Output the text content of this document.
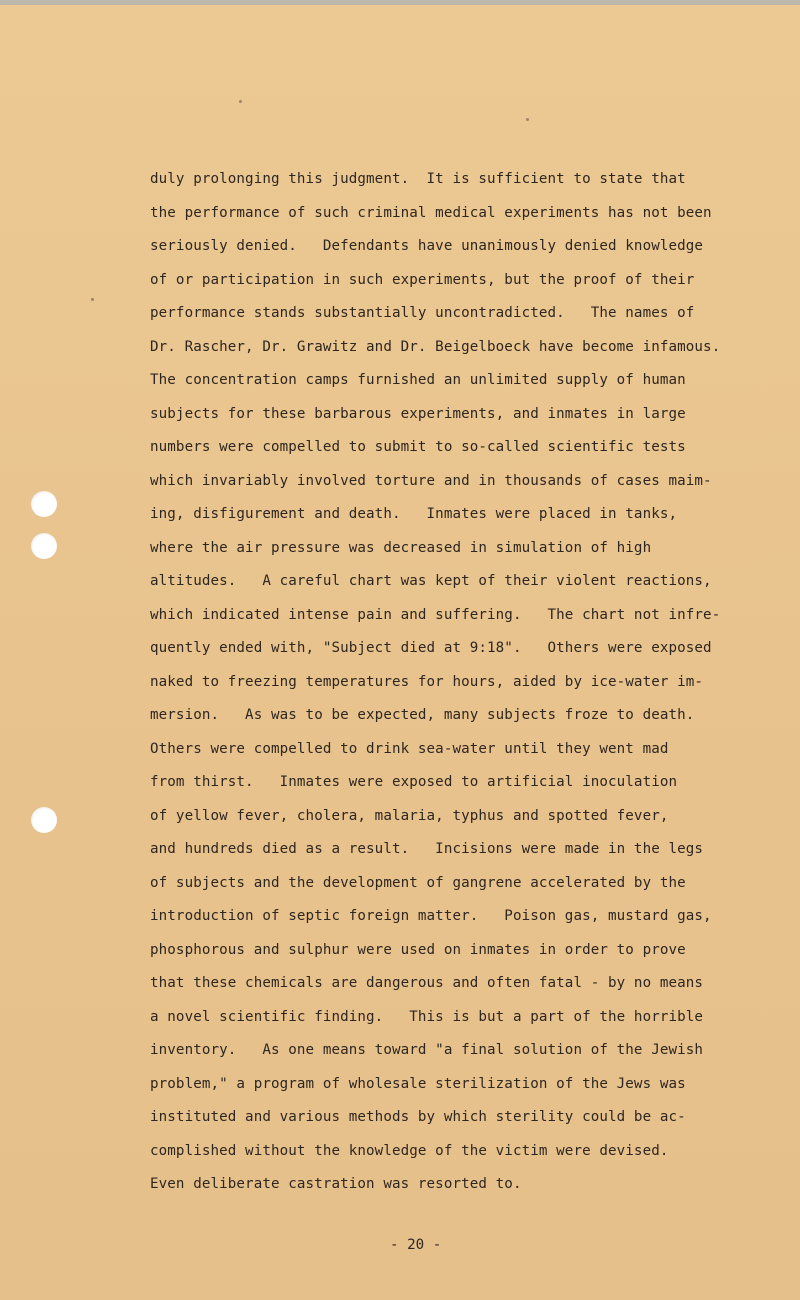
duly prolonging this judgment.  It is sufficient to state that
the performance of such criminal medical experiments has not been
seriously denied.   Defendants have unanimously denied knowledge
of or participation in such experiments, but the proof of their
performance stands substantially uncontradicted.   The names of
Dr. Rascher, Dr. Grawitz and Dr. Beigelboeck have become infamous.
The concentration camps furnished an unlimited supply of human
subjects for these barbarous experiments, and inmates in large
numbers were compelled to submit to so-called scientific tests
which invariably involved torture and in thousands of cases maim-
ing, disfigurement and death.   Inmates were placed in tanks,
where the air pressure was decreased in simulation of high
altitudes.   A careful chart was kept of their violent reactions,
which indicated intense pain and suffering.   The chart not infre-
quently ended with, "Subject died at 9:18".   Others were exposed
naked to freezing temperatures for hours, aided by ice-water im-
mersion.   As was to be expected, many subjects froze to death.
Others were compelled to drink sea-water until they went mad
from thirst.   Inmates were exposed to artificial inoculation
of yellow fever, cholera, malaria, typhus and spotted fever,
and hundreds died as a result.   Incisions were made in the legs
of subjects and the development of gangrene accelerated by the
introduction of septic foreign matter.   Poison gas, mustard gas,
phosphorous and sulphur were used on inmates in order to prove
that these chemicals are dangerous and often fatal - by no means
a novel scientific finding.   This is but a part of the horrible
inventory.   As one means toward "a final solution of the Jewish
problem," a program of wholesale sterilization of the Jews was
instituted and various methods by which sterility could be ac-
complished without the knowledge of the victim were devised.
Even deliberate castration was resorted to.
- 20 -
